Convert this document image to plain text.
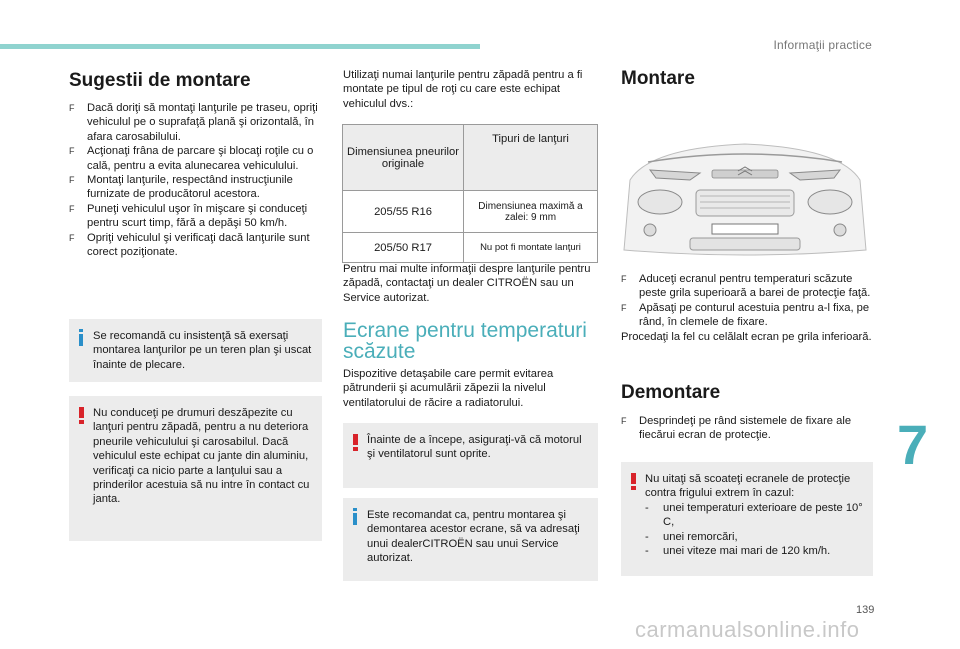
Informaţii practice
Sugestii de montare
F Dacă doriţi să montaţi lanţurile pe traseu, opriţi vehiculul pe o suprafaţă plană şi orizontală, în afara carosabilului.
F Acţionaţi frâna de parcare şi blocaţi roţile cu o cală, pentru a evita alunecarea vehiculului.
F Montaţi lanţurile, respectând instrucţiunile furnizate de producătorul acestora.
F Puneţi vehiculul uşor în mişcare şi conduceţi pentru scurt timp, fără a depăşi 50 km/h.
F Opriţi vehiculul şi verificaţi dacă lanţurile sunt corect poziţionate.
Se recomandă cu insistenţă să exersaţi montarea lanţurilor pe un teren plan şi uscat înainte de plecare.
Nu conduceţi pe drumuri deszăpezite cu lanţuri pentru zăpadă, pentru a nu deteriora pneurile vehiculului şi carosabilul. Dacă vehiculul este echipat cu jante din aluminiu, verificaţi ca nicio parte a lanţului sau a prinderilor acestuia să nu intre în contact cu janta.
Utilizaţi numai lanţurile pentru zăpadă pentru a fi montate pe tipul de roţi cu care este echipat vehiculul dvs.:
Dimensiunea pneurilor originale	Tipuri de lanţuri
205/55 R16	Dimensiunea maximă a zalei: 9 mm
205/50 R17	Nu pot fi montate lanţuri
Pentru mai multe informaţii despre lanţurile pentru zăpadă, contactaţi un dealer CITROËN sau un Service autorizat.
Ecrane pentru temperaturi scăzute
Dispozitive detaşabile care permit evitarea pătrunderii şi acumulării zăpezii la nivelul ventilatorului de răcire a radiatorului.
Înainte de a începe, asiguraţi-vă că motorul şi ventilatorul sunt oprite.
Este recomandat ca, pentru montarea şi demontarea acestor ecrane, să va adresaţi unui dealerCITROËN sau unui Service autorizat.
Montare
F Aduceţi ecranul pentru temperaturi scăzute peste grila superioară a barei de protecţie faţă.
F Apăsaţi pe conturul acestuia pentru a-l fixa, pe rând, în clemele de fixare.
Procedaţi la fel cu celălalt ecran pe grila inferioară.
Demontare
F Desprindeţi pe rând sistemele de fixare ale fiecărui ecran de protecţie.
Nu uitaţi să scoateţi ecranele de protecţie contra frigului extrem în cazul:
- unei temperaturi exterioare de peste 10° C,
- unei remorcări,
- unei viteze mai mari de 120 km/h.
7
139
carmanualsonline.info
